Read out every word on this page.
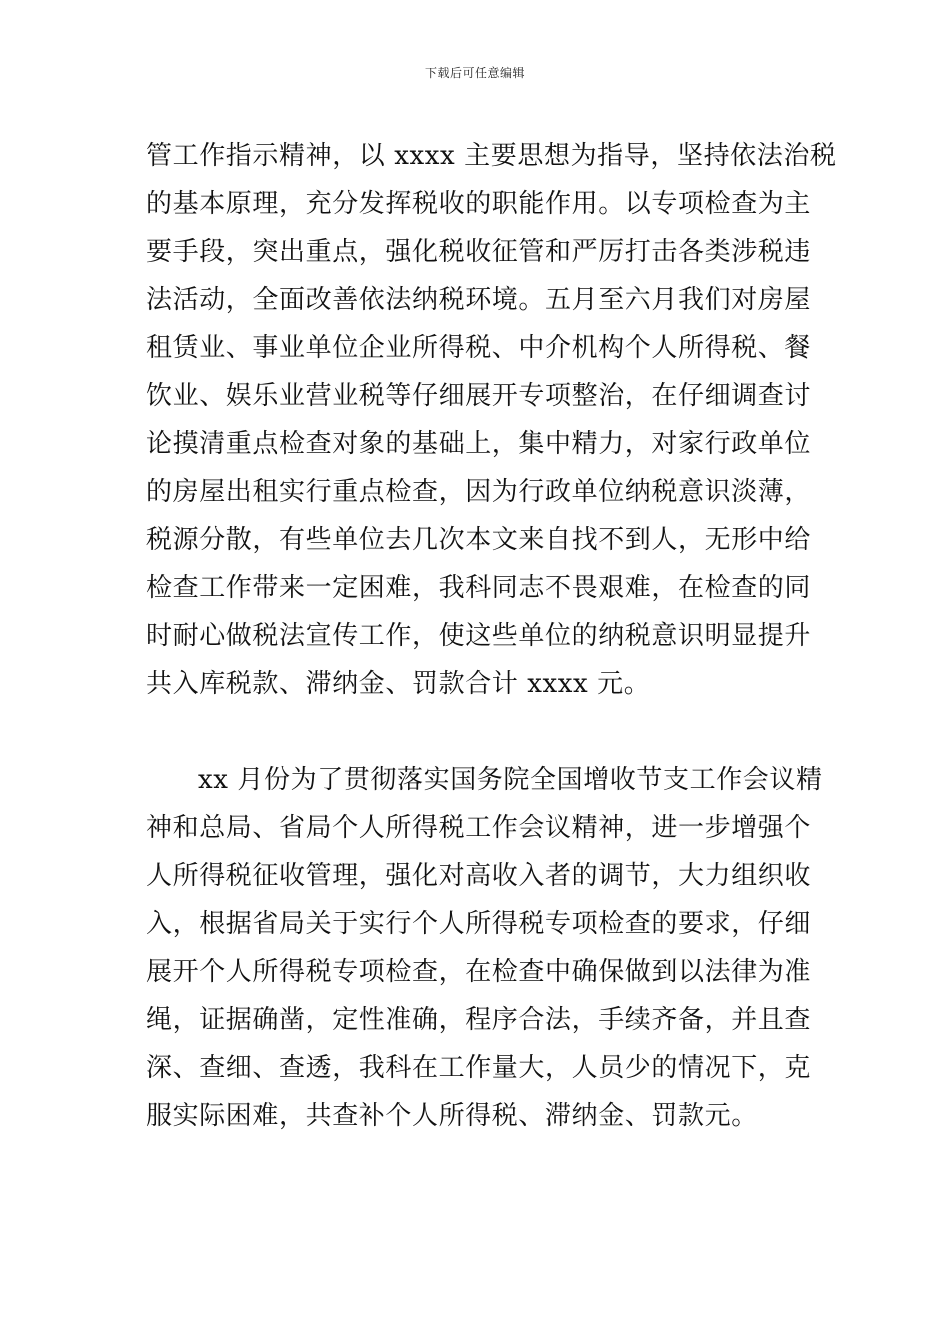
下载后可任意编辑
管工作指示精神，以 xxxx 主要思想为指导，坚持依法治税
的基本原理，充分发挥税收的职能作用。以专项检查为主
要手段，突出重点，强化税收征管和严厉打击各类涉税违
法活动，全面改善依法纳税环境。五月至六月我们对房屋
租赁业、事业单位企业所得税、中介机构个人所得税、餐
饮业、娱乐业营业税等仔细展开专项整治，在仔细调查讨
论摸清重点检查对象的基础上，集中精力，对家行政单位
的房屋出租实行重点检查，因为行政单位纳税意识淡薄，
税源分散，有些单位去几次本文来自找不到人，无形中给
检查工作带来一定困难，我科同志不畏艰难，在检查的同
时耐心做税法宣传工作，使这些单位的纳税意识明显提升
共入库税款、滞纳金、罚款合计 xxxx 元。
xx 月份为了贯彻落实国务院全国增收节支工作会议精
神和总局、省局个人所得税工作会议精神，进一步增强个
人所得税征收管理，强化对高收入者的调节，大力组织收
入，根据省局关于实行个人所得税专项检查的要求，仔细
展开个人所得税专项检查，在检查中确保做到以法律为准
绳，证据确凿，定性准确，程序合法，手续齐备，并且查
深、查细、查透，我科在工作量大，人员少的情况下，克
服实际困难，共查补个人所得税、滞纳金、罚款元。
